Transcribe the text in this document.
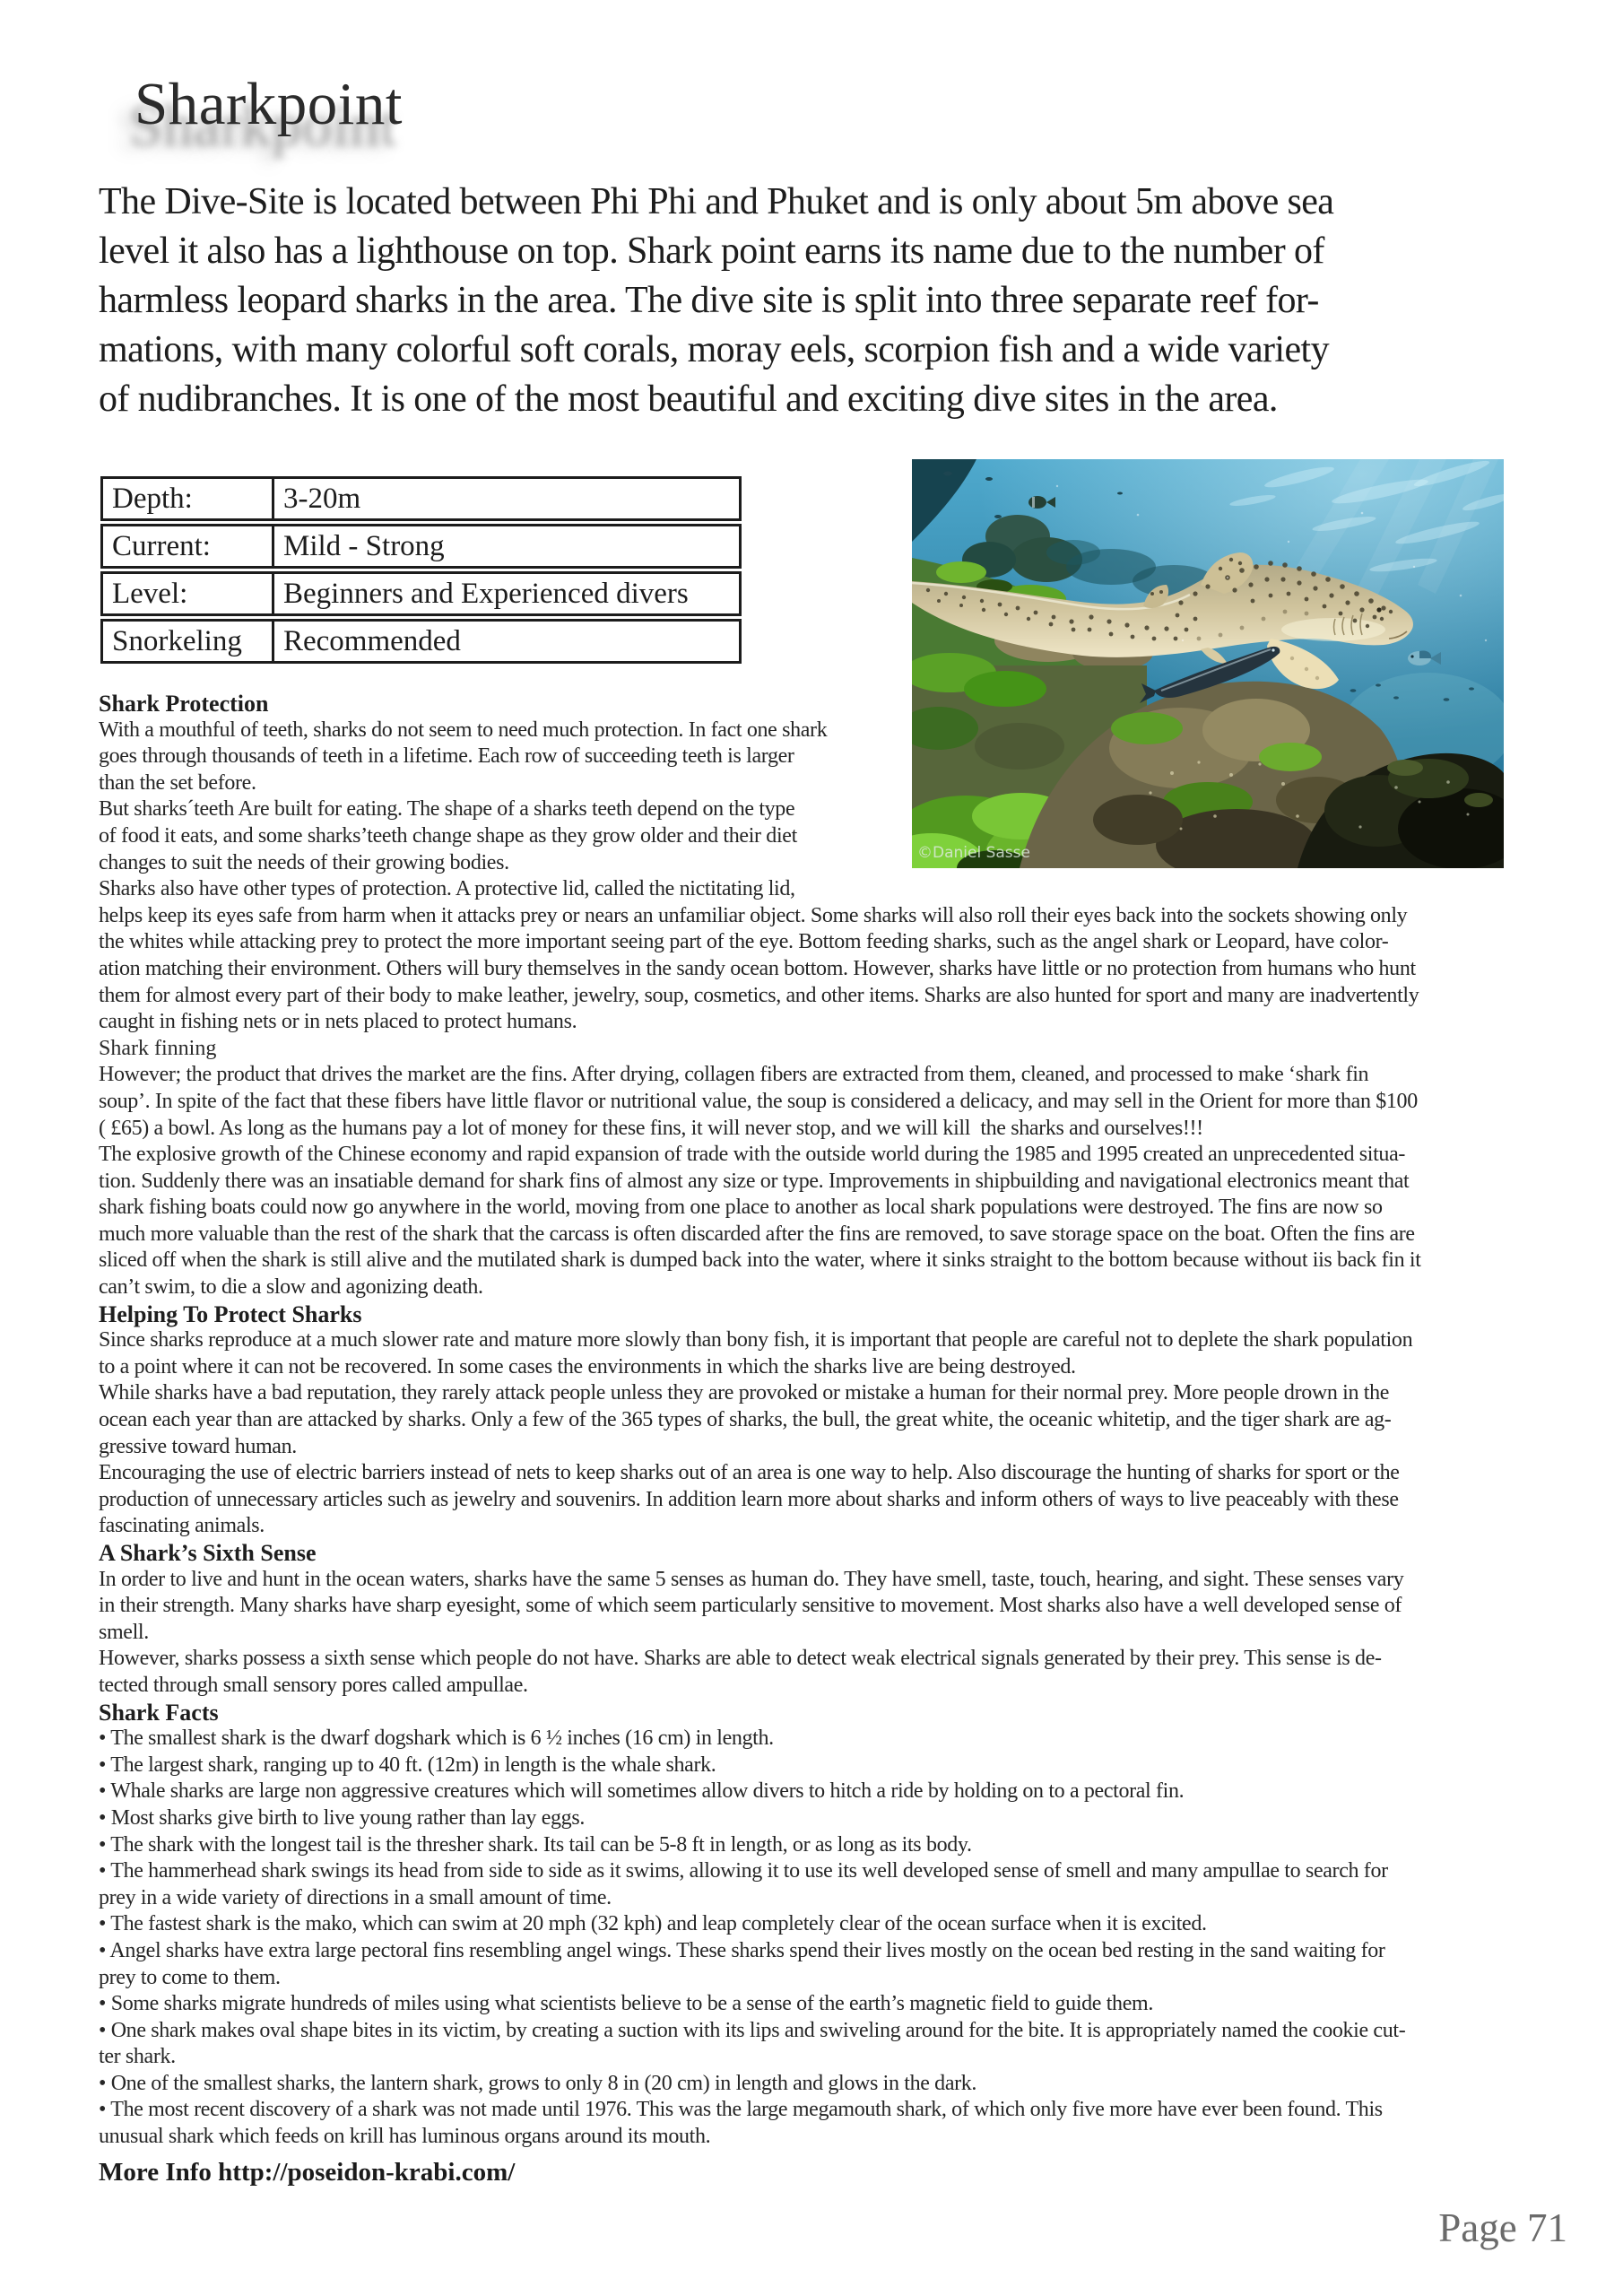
Sharkpoint
The Dive-Site is located between Phi Phi and Phuket and is only about 5m above sea
level it also has a lighthouse on top. Shark point earns its name due to the number of
harmless leopard sharks in the area. The dive site is split into three separate reef for-
mations, with many colorful soft corals, moray eels, scorpion fish and a wide variety
of nudibranches. It is one of the most beautiful and exciting dive sites in the area.
Depth:	3-20m
Current:	Mild - Strong
Level:	Beginners and Experienced divers
Snorkeling	Recommended
©Daniel Sasse
Shark Protection
With a mouthful of teeth, sharks do not seem to need much protection. In fact one shark
goes through thousands of teeth in a lifetime. Each row of succeeding teeth is larger
than the set before.
But sharks´teeth Are built for eating. The shape of a sharks teeth depend on the type
of food it eats, and some sharks’teeth change shape as they grow older and their diet
changes to suit the needs of their growing bodies.
Sharks also have other types of protection. A protective lid, called the nictitating lid,
helps keep its eyes safe from harm when it attacks prey or nears an unfamiliar object. Some sharks will also roll their eyes back into the sockets showing only
the whites while attacking prey to protect the more important seeing part of the eye. Bottom feeding sharks, such as the angel shark or Leopard, have color-
ation matching their environment. Others will bury themselves in the sandy ocean bottom. However, sharks have little or no protection from humans who hunt
them for almost every part of their body to make leather, jewelry, soup, cosmetics, and other items. Sharks are also hunted for sport and many are inadvertently
caught in fishing nets or in nets placed to protect humans.
Shark finning
However; the product that drives the market are the fins. After drying, collagen fibers are extracted from them, cleaned, and processed to make ‘shark fin
soup’. In spite of the fact that these fibers have little flavor or nutritional value, the soup is considered a delicacy, and may sell in the Orient for more than $100
( £65) a bowl. As long as the humans pay a lot of money for these fins, it will never stop, and we will kill  the sharks and ourselves!!!
The explosive growth of the Chinese economy and rapid expansion of trade with the outside world during the 1985 and 1995 created an unprecedented situa-
tion. Suddenly there was an insatiable demand for shark fins of almost any size or type. Improvements in shipbuilding and navigational electronics meant that
shark fishing boats could now go anywhere in the world, moving from one place to another as local shark populations were destroyed. The fins are now so
much more valuable than the rest of the shark that the carcass is often discarded after the fins are removed, to save storage space on the boat. Often the fins are
sliced off when the shark is still alive and the mutilated shark is dumped back into the water, where it sinks straight to the bottom because without iis back fin it
can’t swim, to die a slow and agonizing death.
Helping To Protect Sharks
Since sharks reproduce at a much slower rate and mature more slowly than bony fish, it is important that people are careful not to deplete the shark population
to a point where it can not be recovered. In some cases the environments in which the sharks live are being destroyed.
While sharks have a bad reputation, they rarely attack people unless they are provoked or mistake a human for their normal prey. More people drown in the
ocean each year than are attacked by sharks. Only a few of the 365 types of sharks, the bull, the great white, the oceanic whitetip, and the tiger shark are ag-
gressive toward human.
Encouraging the use of electric barriers instead of nets to keep sharks out of an area is one way to help. Also discourage the hunting of sharks for sport or the
production of unnecessary articles such as jewelry and souvenirs. In addition learn more about sharks and inform others of ways to live peaceably with these
fascinating animals.
A Shark’s Sixth Sense
In order to live and hunt in the ocean waters, sharks have the same 5 senses as human do. They have smell, taste, touch, hearing, and sight. These senses vary
in their strength. Many sharks have sharp eyesight, some of which seem particularly sensitive to movement. Most sharks also have a well developed sense of
smell.
However, sharks possess a sixth sense which people do not have. Sharks are able to detect weak electrical signals generated by their prey. This sense is de-
tected through small sensory pores called ampullae.
Shark Facts
• The smallest shark is the dwarf dogshark which is 6 ½ inches (16 cm) in length.
• The largest shark, ranging up to 40 ft. (12m) in length is the whale shark.
• Whale sharks are large non aggressive creatures which will sometimes allow divers to hitch a ride by holding on to a pectoral fin.
• Most sharks give birth to live young rather than lay eggs.
• The shark with the longest tail is the thresher shark. Its tail can be 5-8 ft in length, or as long as its body.
• The hammerhead shark swings its head from side to side as it swims, allowing it to use its well developed sense of smell and many ampullae to search for
prey in a wide variety of directions in a small amount of time.
• The fastest shark is the mako, which can swim at 20 mph (32 kph) and leap completely clear of the ocean surface when it is excited.
• Angel sharks have extra large pectoral fins resembling angel wings. These sharks spend their lives mostly on the ocean bed resting in the sand waiting for
prey to come to them.
• Some sharks migrate hundreds of miles using what scientists believe to be a sense of the earth’s magnetic field to guide them.
• One shark makes oval shape bites in its victim, by creating a suction with its lips and swiveling around for the bite. It is appropriately named the cookie cut-
ter shark.
• One of the smallest sharks, the lantern shark, grows to only 8 in (20 cm) in length and glows in the dark.
• The most recent discovery of a shark was not made until 1976. This was the large megamouth shark, of which only five more have ever been found. This
unusual shark which feeds on krill has luminous organs around its mouth.
More Info http://poseidon-krabi.com/
Page 71
